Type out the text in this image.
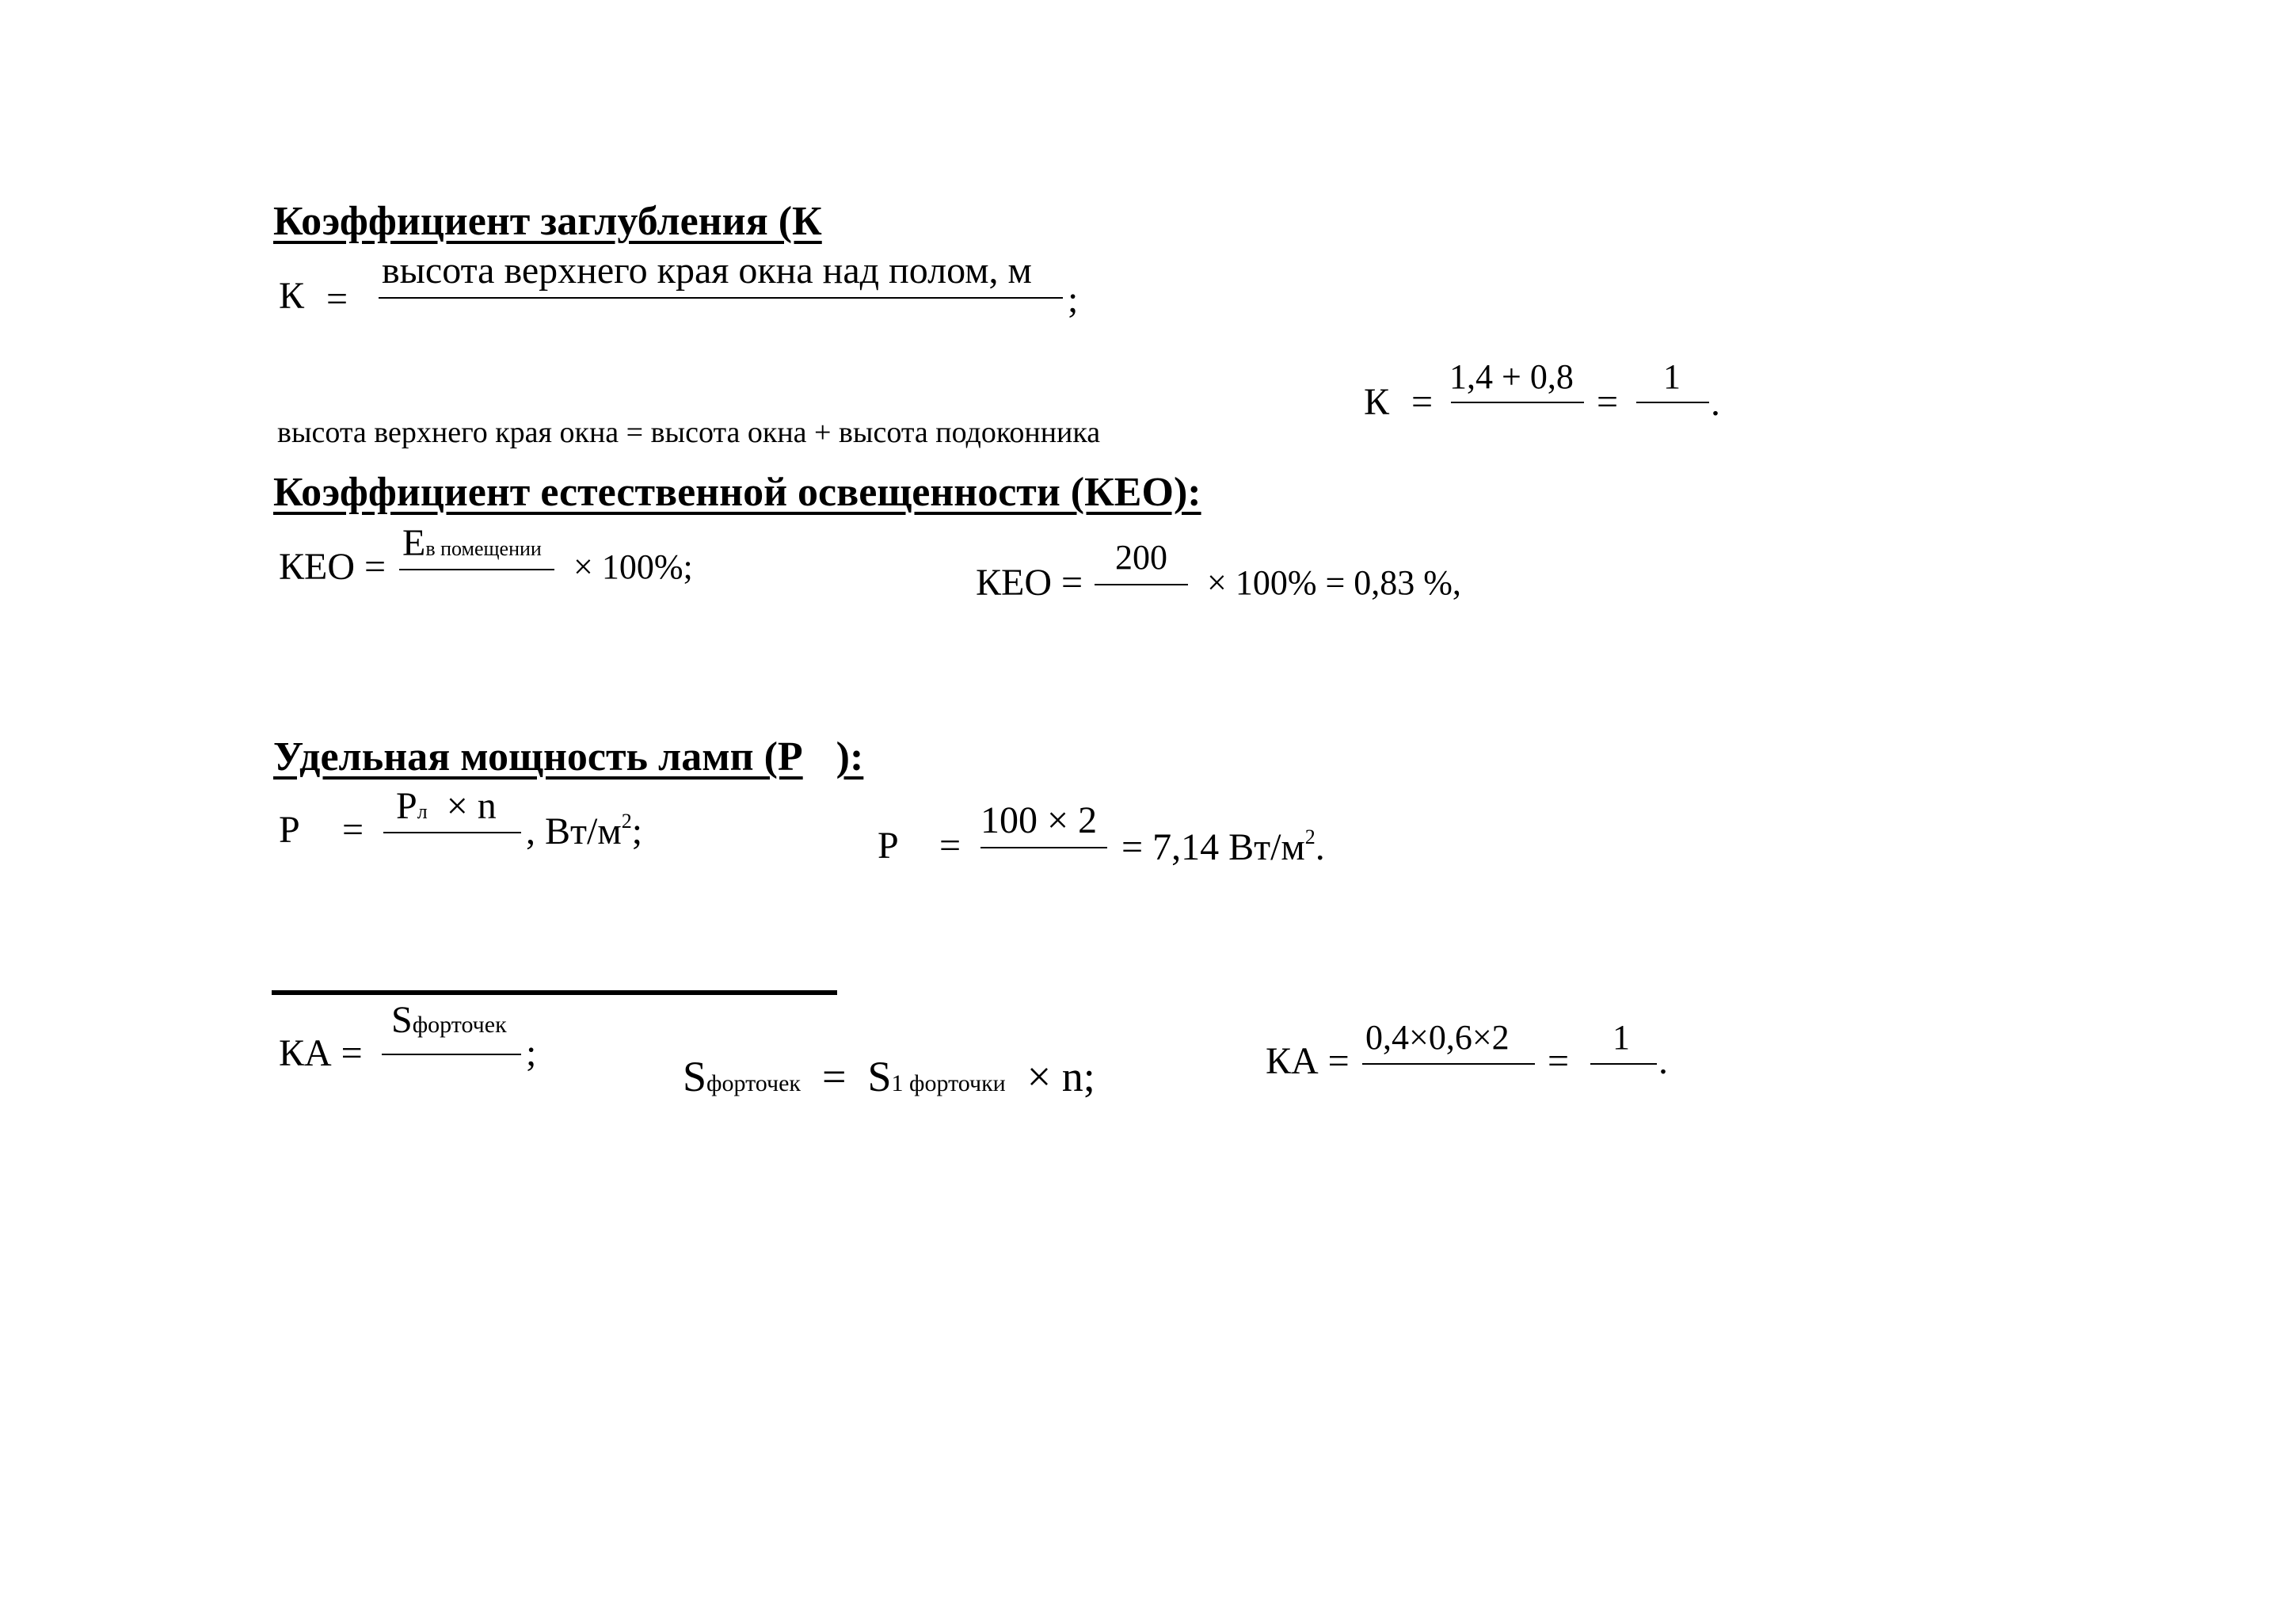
Коэффициент заглубления (К
К =
высота верхнего края окна над полом, м
;
высота верхнего края окна = высота окна + высота подоконника
К =
1,4 + 0,8
=
1
.
Коэффициент естественной освещенности (КЕО):
КЕО =
Ев помещении × 100%;	КЕО =
200
× 100% = 0,83 %,
Удельная мощность ламп (Р ):
Р =
Рл × n
, $Вт/м^2$;	Р =
100 × 2
= 7,14 $Вт/м^2$.
КА =
Sфорточек
;	Sфорточек = S1 форточки × n;	КА =
0,4×0,6×2
=
1
.
